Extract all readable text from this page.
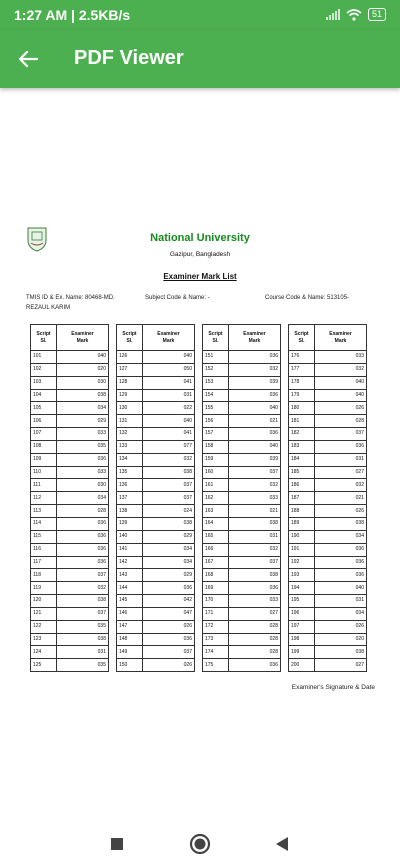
1:27 AM | 2.5KB/s	51
PDF Viewer
National University
Gazipur, Bangladesh
Examiner Mark List
TMIS ID & Ex. Name: 80468-MD.	Subject Code & Name: -	Course Code & Name: 513105-
REZAUL KARIM
Script
Sl.	Examiner
Mark
101	040
102	020
103	030
104	038
105	034
106	029
107	033
108	035
109	036
110	033
111	030
112	034
113	028
114	036
115	036
116	036
117	036
118	037
119	032
120	038
121	037
122	035
123	038
124	031
125	035
Script
Sl.	Examiner
Mark
126	040
127	050
128	041
129	031
130	022
131	040
132	041
133	077
134	032
135	038
136	037
137	037
138	024
139	038
140	029
141	034
142	034
143	029
144	036
145	042
146	047
147	026
148	036
149	037
150	026
Script
Sl.	Examiner
Mark
151	036
152	032
153	039
154	036
155	040
156	021
157	036
158	040
159	039
160	037
161	032
162	033
163	021
164	038
165	031
166	032
167	037
168	038
169	036
170	033
171	027
172	028
173	028
174	028
175	036
Script
Sl.	Examiner
Mark
176	033
177	032
178	040
179	040
180	026
181	028
182	037
183	036
184	031
185	027
186	032
187	021
188	026
189	038
190	034
191	036
192	036
193	036
194	040
195	031
196	034
197	026
198	020
199	038
200	027
Examiner's Signature & Date
